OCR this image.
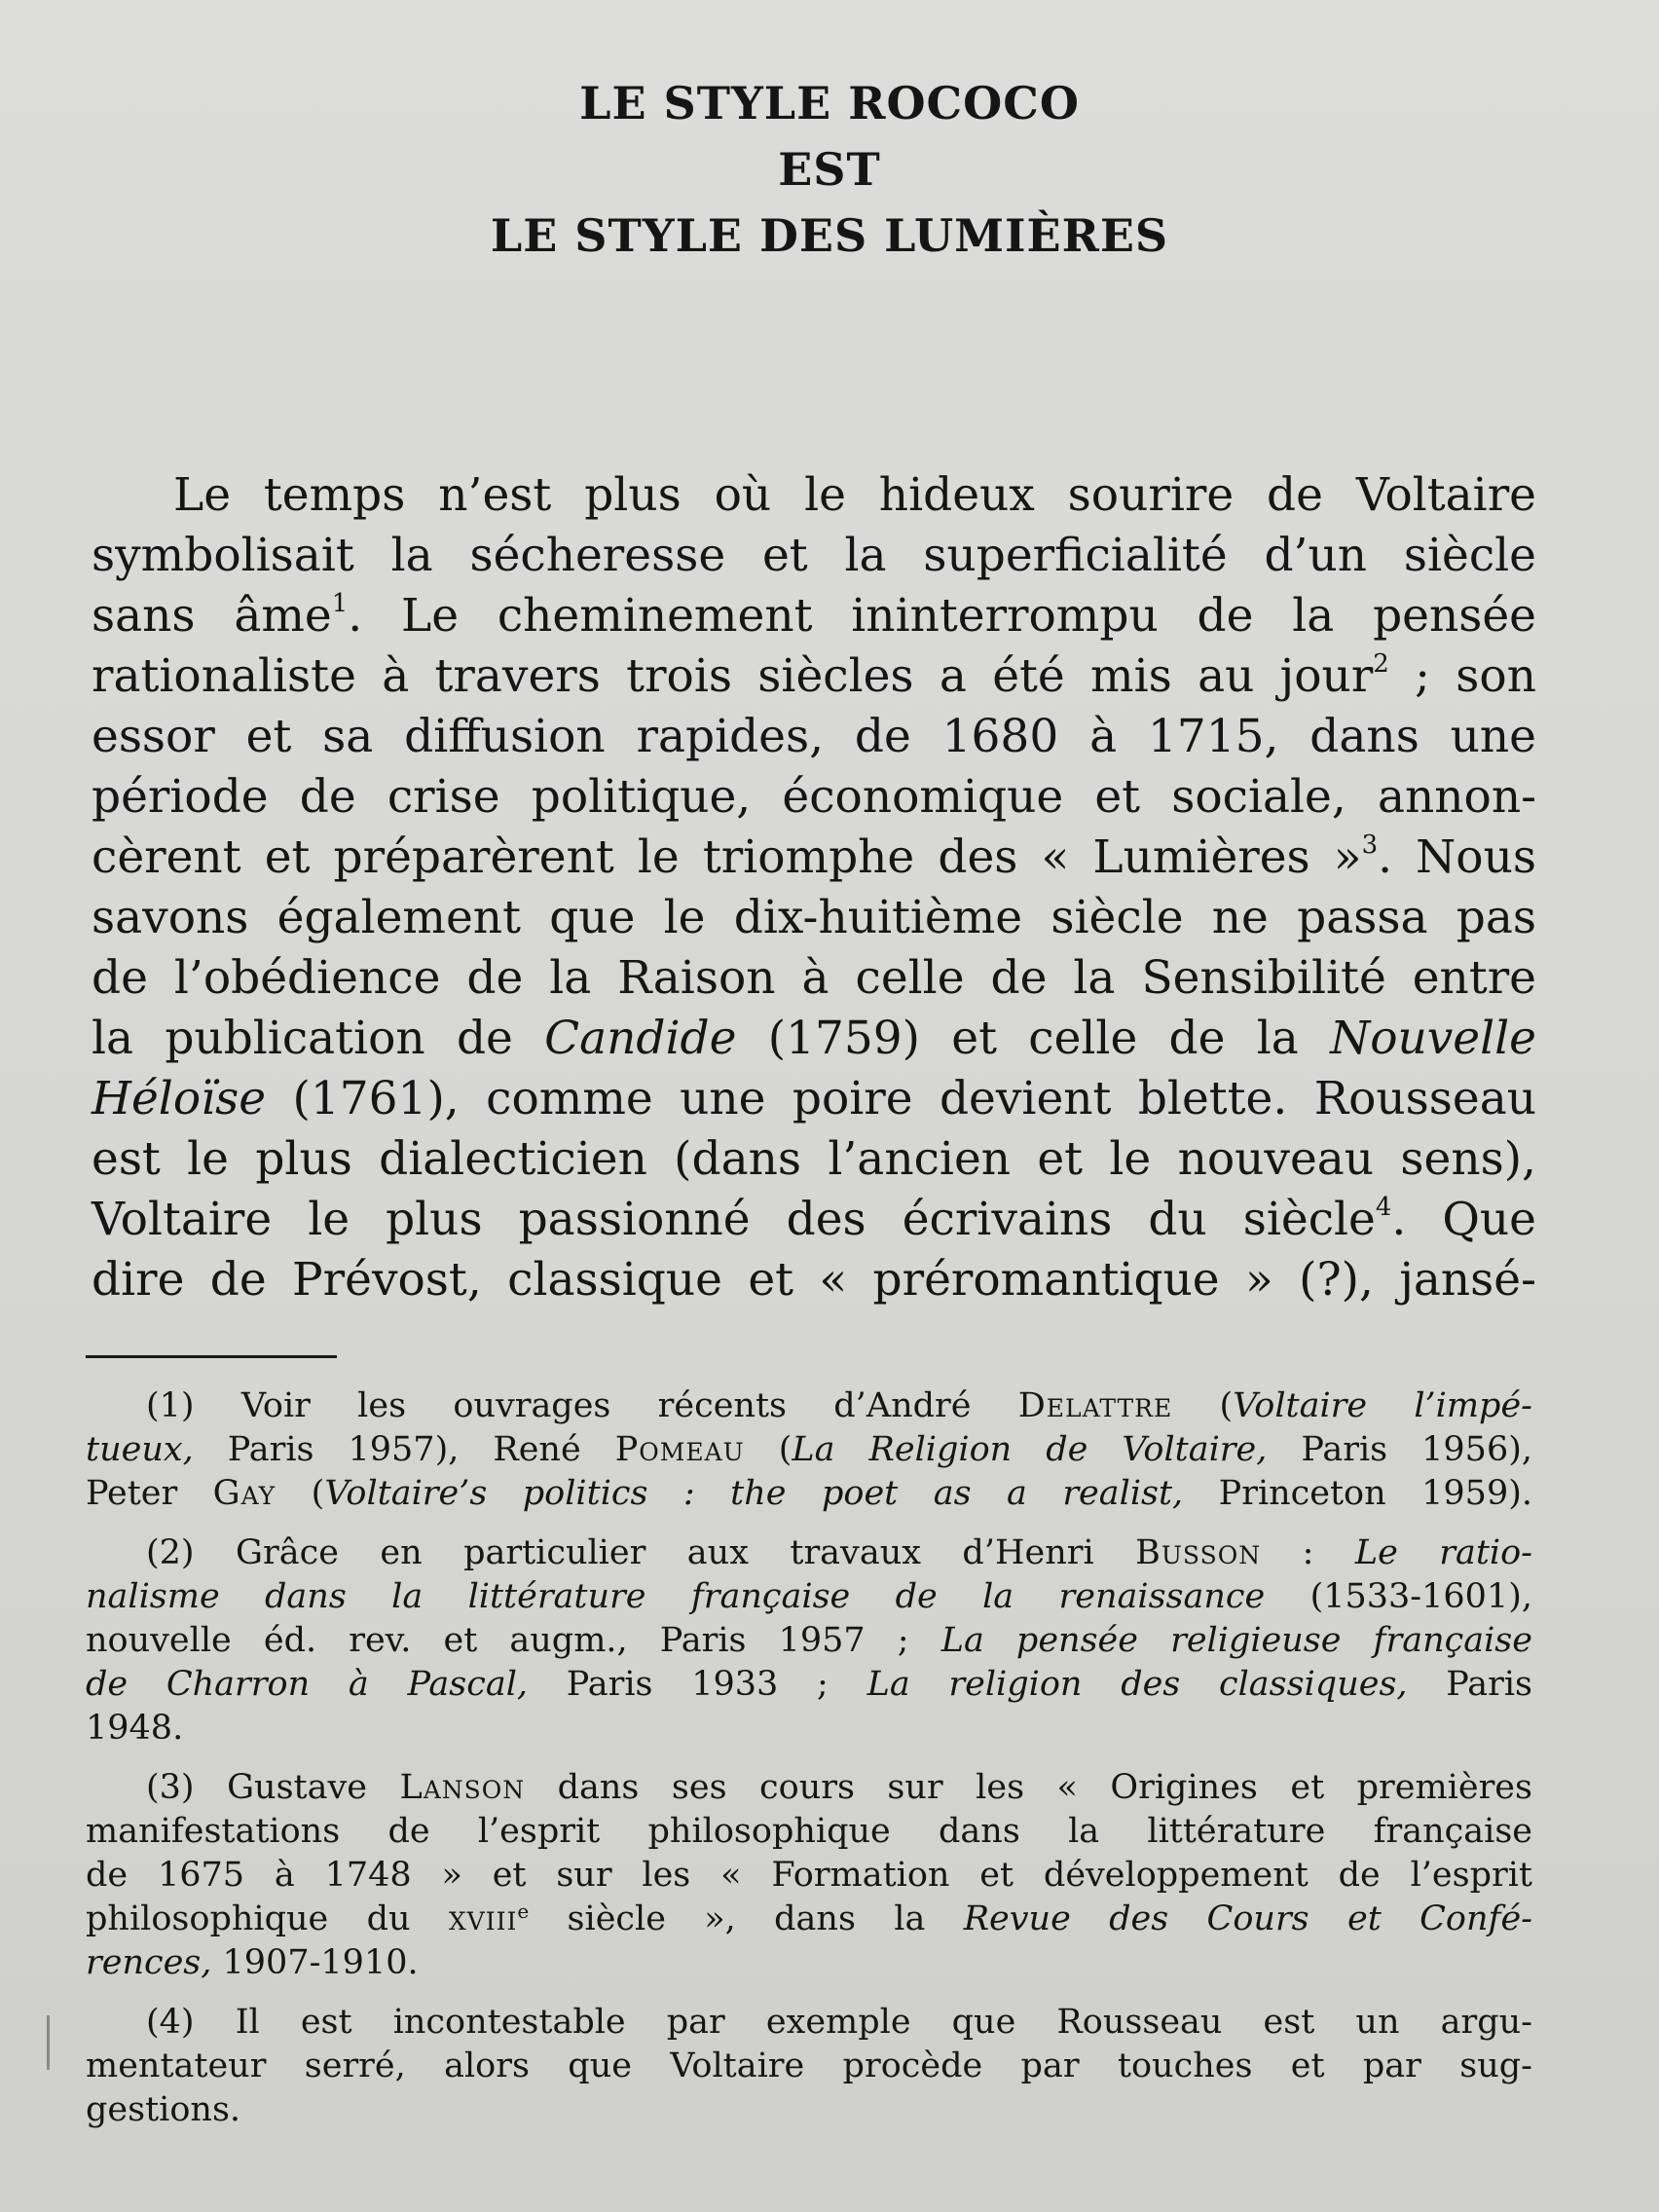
LE STYLE ROCOCO
EST
LE STYLE DES LUMIÈRES
Le temps n’est plus où le hideux sourire de Voltaire
symbolisait la sécheresse et la superficialité d’un siècle
sans âme$^1$. Le cheminement ininterrompu de la pensée
rationaliste à travers trois siècles a été mis au jour$^2$ ; son
essor et sa diffusion rapides, de 1680 à 1715, dans une
période de crise politique, économique et sociale, annon-
cèrent et préparèrent le triomphe des « Lumières »$^3$. Nous
savons également que le dix-huitième siècle ne passa pas
de l’obédience de la Raison à celle de la Sensibilité entre
la publication de Candide (1759) et celle de la Nouvelle
Héloïse (1761), comme une poire devient blette. Rousseau
est le plus dialecticien (dans l’ancien et le nouveau sens),
Voltaire le plus passionné des écrivains du siècle$^4$. Que
dire de Prévost, classique et « préromantique » (?), jansé-
(1) Voir les ouvrages récents d’André Delattre (Voltaire l’impé-
tueux, Paris 1957), René Pomeau (La Religion de Voltaire, Paris 1956),
Peter Gay (Voltaire’s politics : the poet as a realist, Princeton 1959).
(2) Grâce en particulier aux travaux d’Henri Busson : Le ratio-
nalisme dans la littérature française de la renaissance (1533-1601),
nouvelle éd. rev. et augm., Paris 1957 ; La pensée religieuse française
de Charron à Pascal, Paris 1933 ; La religion des classiques, Paris
1948.
(3) Gustave Lanson dans ses cours sur les « Origines et premières
manifestations de l’esprit philosophique dans la littérature française
de 1675 à 1748 » et sur les « Formation et développement de l’esprit
philosophique du xviii$^e$ siècle », dans la Revue des Cours et Confé-
rences, 1907-1910.
(4) Il est incontestable par exemple que Rousseau est un argu-
mentateur serré, alors que Voltaire procède par touches et par sug-
gestions.
